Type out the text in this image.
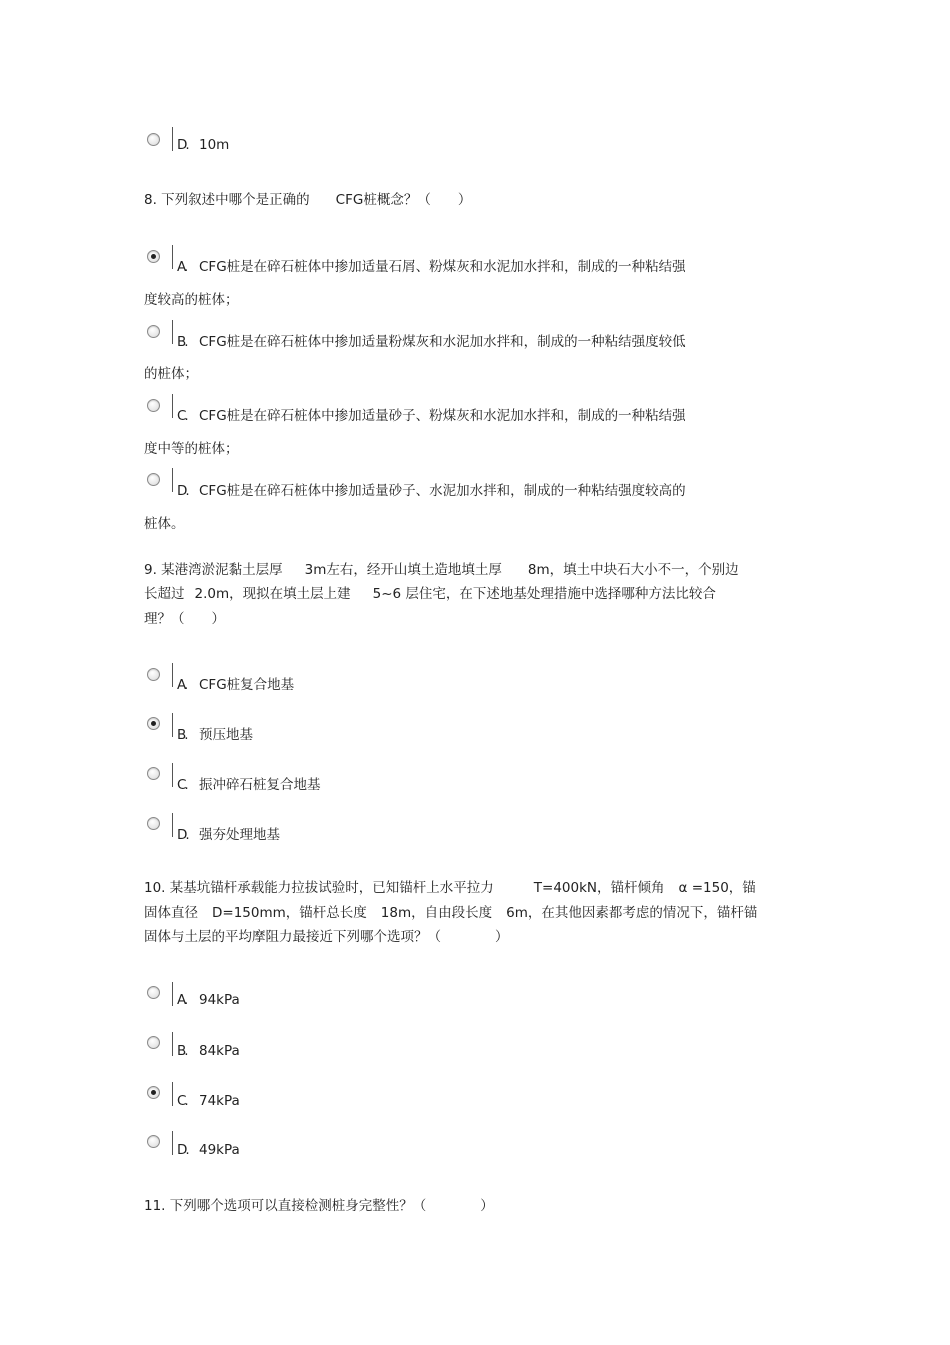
D. 10m
8. 下列叙述中哪个是正确的 CFG桩概念？（　　）
A. CFG桩是在碎石桩体中掺加适量石屑、粉煤灰和水泥加水拌和，制成的一种粘结强
度较高的桩体；
B. CFG桩是在碎石桩体中掺加适量粉煤灰和水泥加水拌和，制成的一种粘结强度较低
的桩体；
C. CFG桩是在碎石桩体中掺加适量砂子、粉煤灰和水泥加水拌和，制成的一种粘结强
度中等的桩体；
D. CFG桩是在碎石桩体中掺加适量砂子、水泥加水拌和，制成的一种粘结强度较高的
桩体。
9. 某港湾淤泥黏土层厚 3m左右，经开山填土造地填土厚 8m，填土中块石大小不一，个别边
长超过 2.0m，现拟在填土层上建 5~6 层住宅，在下述地基处理措施中选择哪种方法比较合
理？（　　）
A. CFG桩复合地基
B. 预压地基
C. 振冲碎石桩复合地基
D. 强夯处理地基
10. 某基坑锚杆承载能力拉拔试验时，已知锚杆上水平拉力	T=400kN，锚杆倾角 α =150，锚
固体直径 D=150mm，锚杆总长度 18m，自由段长度 6m，在其他因素都考虑的情况下，锚杆锚
固体与土层的平均摩阻力最接近下列哪个选项？（　　　　）
A. 94kPa
B. 84kPa
C. 74kPa
D. 49kPa
11. 下列哪个选项可以直接检测桩身完整性？（　　　　）
